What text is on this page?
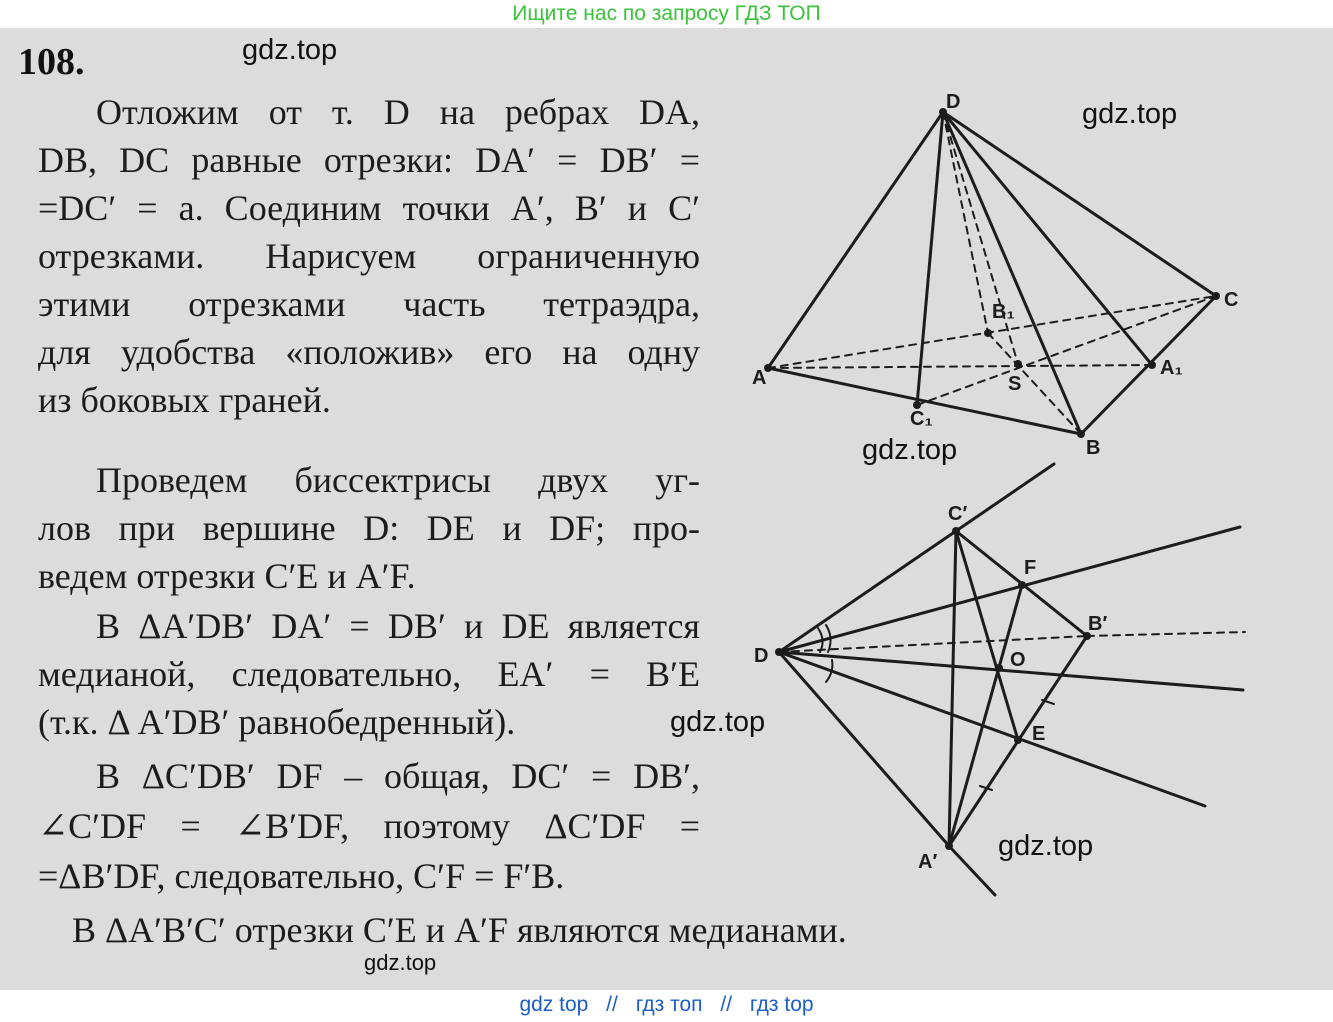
Ищите нас по запросу ГДЗ ТОП
108.	gdz.top
gdz.top
gdz.top
gdz.top
gdz.top
gdz.top
Отложим от т. D на ребрах DA,
DB, DC равные отрезки: DA′ = DB′ =
=DC′ = a. Соединим точки A′, B′ и C′
отрезками. Нарисуем ограниченную
этими отрезками часть тетраэдра,
для удобства «положив» его на одну
из боковых граней.
Проведем биссектрисы двух уг-
лов при вершине D: DE и DF; про-
ведем отрезки C′E и A′F.
В ΔA′DB′ DA′ = DB′ и DE является
медианой, следовательно, EA′ = B′E
(т.к. Δ A′DB′ равнобедренный).
В ΔC′DB′ DF – общая, DC′ = DB′,
∠C′DF = ∠B′DF, поэтому ΔC′DF =
=ΔB′DF, следовательно, C′F = F′B.
В ΔA′B′C′ отрезки C′E и A′F являются медианами.
D
C
A
B
B₁
A₁
C₁
S
D
C′
F
B′
O
E
A′
gdz top // гдз топ // гдз top
